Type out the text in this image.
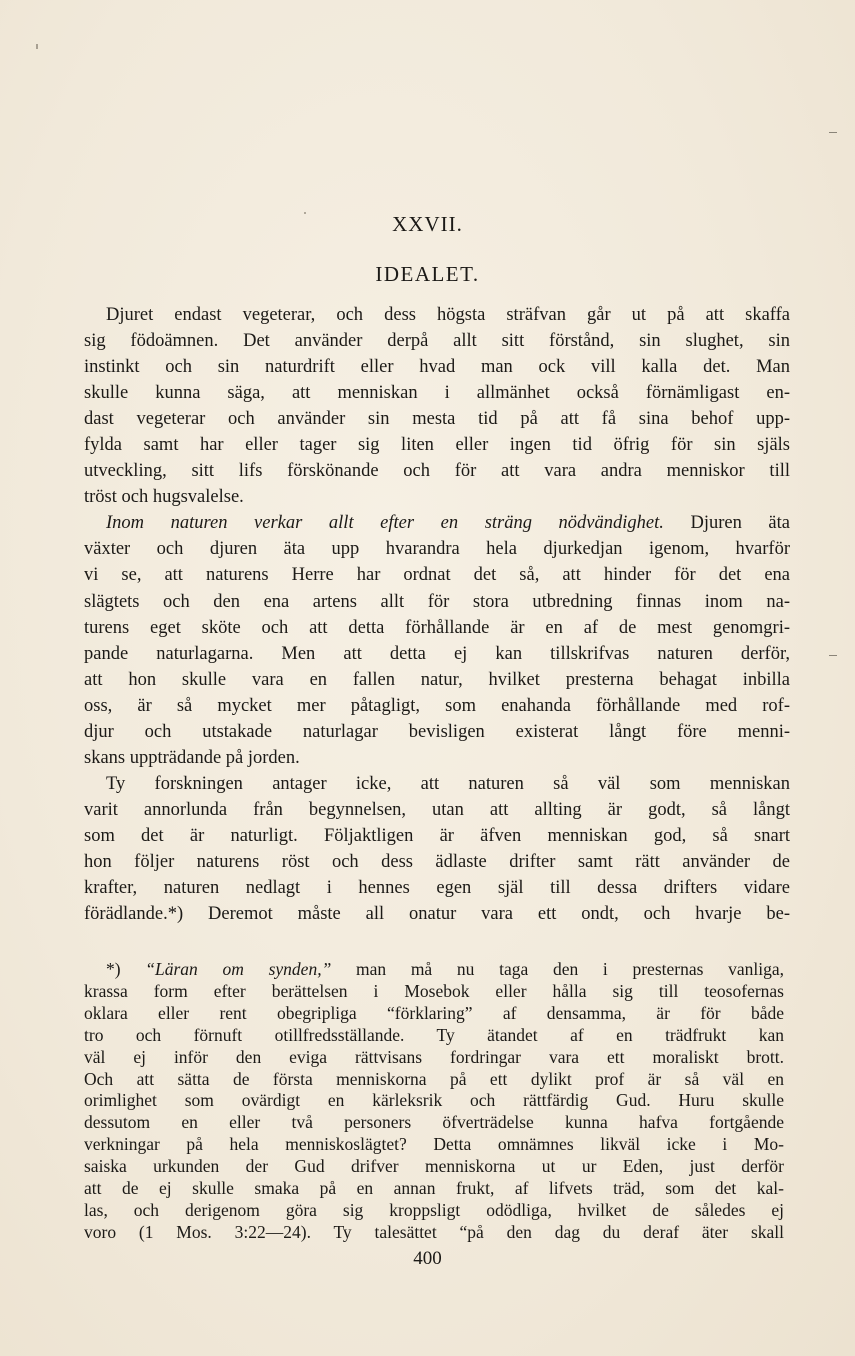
XXVII.
IDEALET.
Djuret endast vegeterar, och dess högsta sträfvan går ut på att skaffa
sig födoämnen. Det använder derpå allt sitt förstånd, sin slughet, sin
instinkt och sin naturdrift eller hvad man ock vill kalla det. Man
skulle kunna säga, att menniskan i allmänhet också förnämligast en-
dast vegeterar och använder sin mesta tid på att få sina behof upp-
fylda samt har eller tager sig liten eller ingen tid öfrig för sin själs
utveckling, sitt lifs förskönande och för att vara andra menniskor till
tröst och hugsvalelse.
Inom naturen verkar allt efter en sträng nödvändighet. Djuren äta
växter och djuren äta upp hvarandra hela djurkedjan igenom, hvarför
vi se, att naturens Herre har ordnat det så, att hinder för det ena
slägtets och den ena artens allt för stora utbredning finnas inom na-
turens eget sköte och att detta förhållande är en af de mest genomgri-
pande naturlagarna. Men att detta ej kan tillskrifvas naturen derför,
att hon skulle vara en fallen natur, hvilket presterna behagat inbilla
oss, är så mycket mer påtagligt, som enahanda förhållande med rof-
djur och utstakade naturlagar bevisligen existerat långt före menni-
skans uppträdande på jorden.
Ty forskningen antager icke, att naturen så väl som menniskan
varit annorlunda från begynnelsen, utan att allting är godt, så långt
som det är naturligt. Följaktligen är äfven menniskan god, så snart
hon följer naturens röst och dess ädlaste drifter samt rätt använder de
krafter, naturen nedlagt i hennes egen själ till dessa drifters vidare
förädlande.*) Deremot måste all onatur vara ett ondt, och hvarje be-
*) “Läran om synden,” man må nu taga den i presternas vanliga,
krassa form efter berättelsen i Mosebok eller hålla sig till teosofernas
oklara eller rent obegripliga “förklaring” af densamma, är för både
tro och förnuft otillfredsställande. Ty ätandet af en trädfrukt kan
väl ej inför den eviga rättvisans fordringar vara ett moraliskt brott.
Och att sätta de första menniskorna på ett dylikt prof är så väl en
orimlighet som ovärdigt en kärleksrik och rättfärdig Gud. Huru skulle
dessutom en eller två personers öfverträdelse kunna hafva fortgående
verkningar på hela menniskoslägtet? Detta omnämnes likväl icke i Mo-
saiska urkunden der Gud drifver menniskorna ut ur Eden, just derför
att de ej skulle smaka på en annan frukt, af lifvets träd, som det kal-
las, och derigenom göra sig kroppsligt odödliga, hvilket de således ej
voro (1 Mos. 3:22—24). Ty talesättet “på den dag du deraf äter skall
400
